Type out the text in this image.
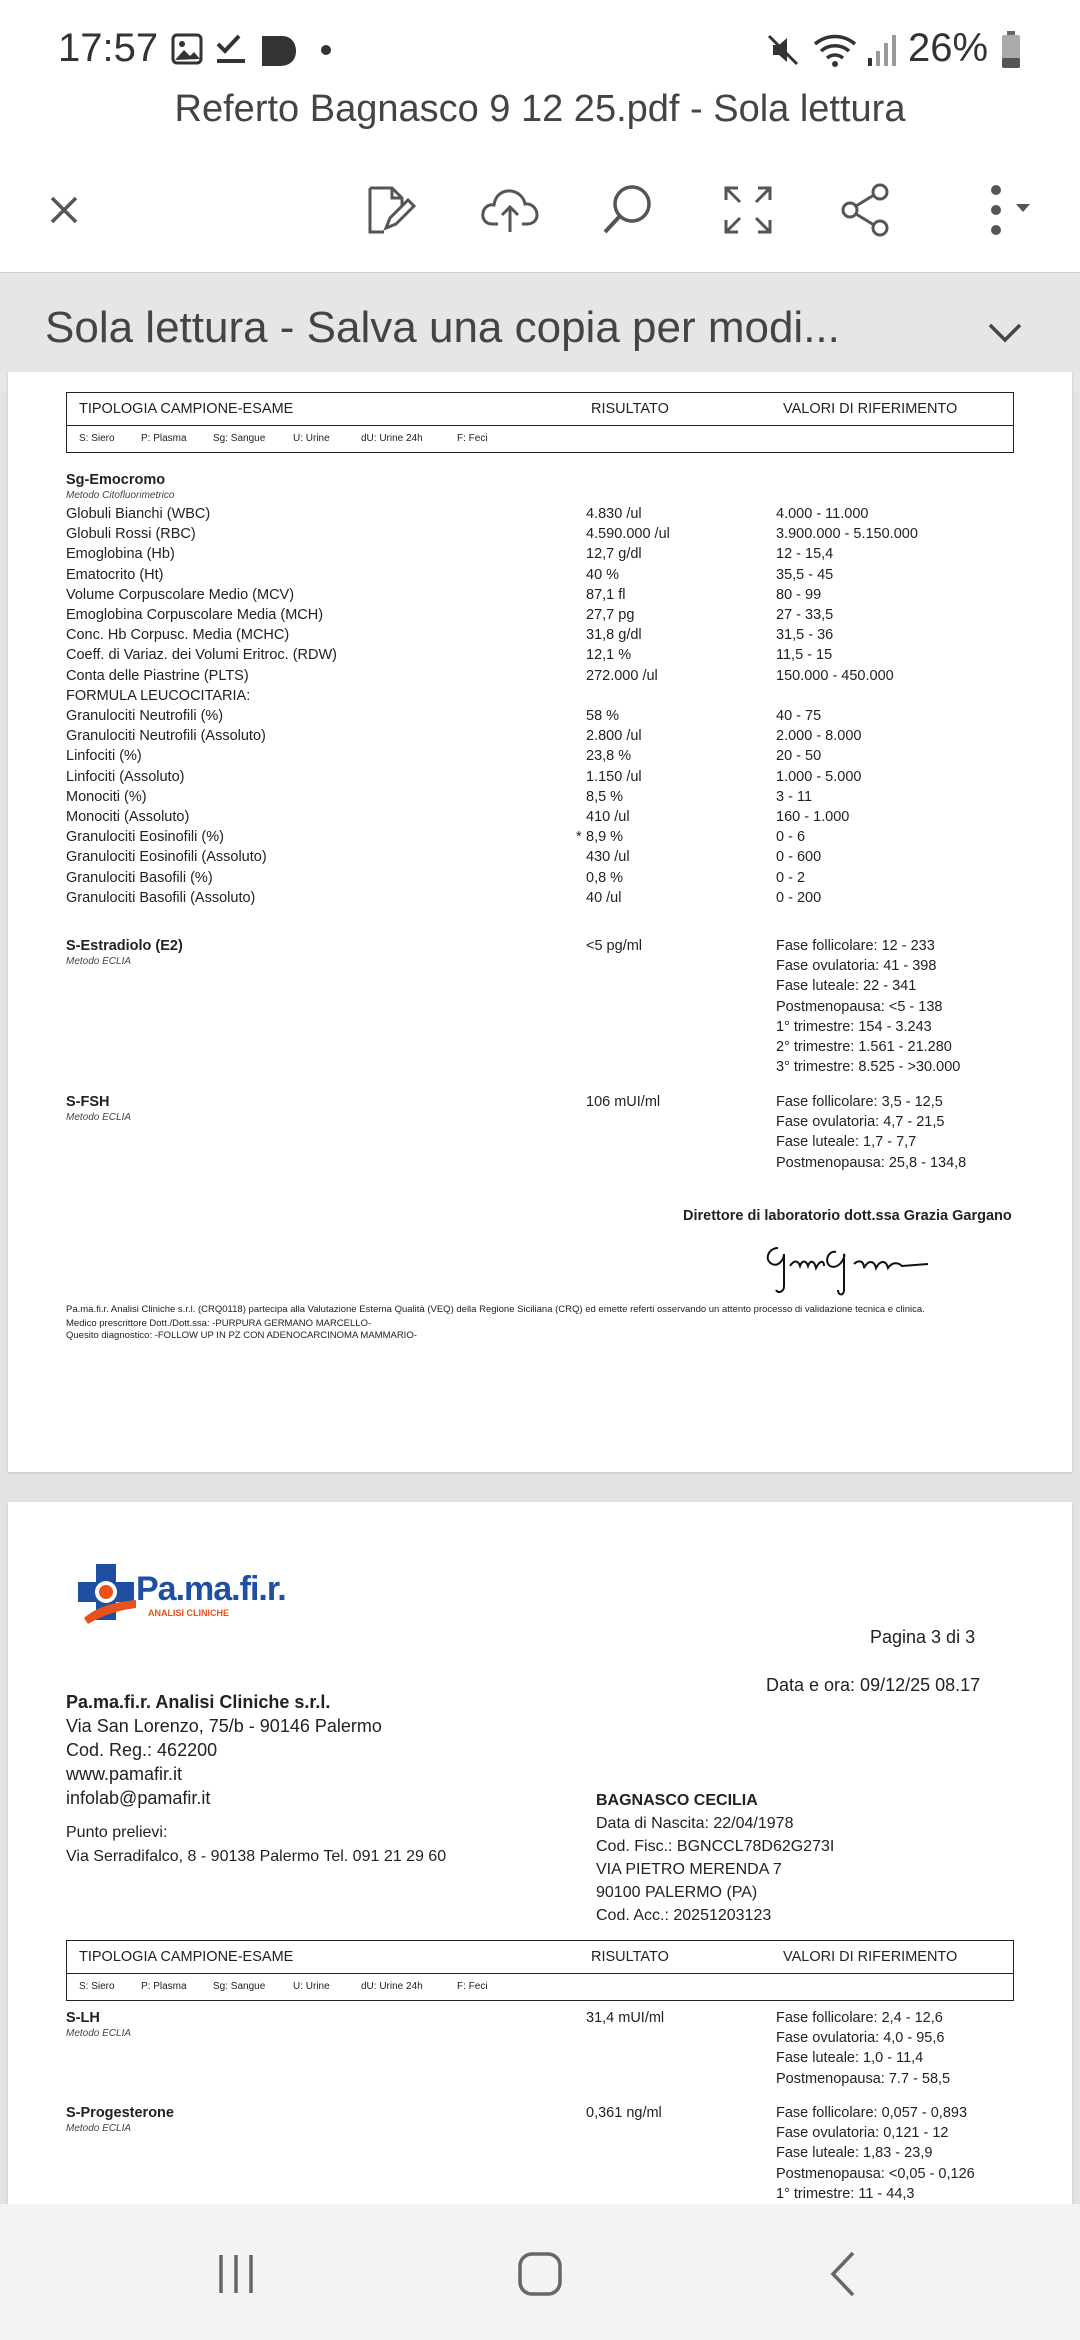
17:57	26%
Referto Bagnasco 9 12 25.pdf - Sola lettura
Sola lettura - Salva una copia per modi...
TIPOLOGIA CAMPIONE-ESAME	RISULTATO	VALORI DI RIFERIMENTO
S: Siero	P: Plasma	Sg: Sangue	U: Urine	dU: Urine 24h	F: Feci
Sg-Emocromo
Metodo Citofluorimetrico
Globuli Bianchi (WBC)	4.830 /ul	4.000 - 11.000
Globuli Rossi (RBC)	4.590.000 /ul	3.900.000 - 5.150.000
Emoglobina (Hb)	12,7 g/dl	12 - 15,4
Ematocrito (Ht)	40 %	35,5 - 45
Volume Corpuscolare Medio (MCV)	87,1 fl	80 - 99
Emoglobina Corpuscolare Media (MCH)	27,7 pg	27 - 33,5
Conc. Hb Corpusc. Media (MCHC)	31,8 g/dl	31,5 - 36
Coeff. di Variaz. dei Volumi Eritroc. (RDW)	12,1 %	11,5 - 15
Conta delle Piastrine (PLTS)	272.000 /ul	150.000 - 450.000
FORMULA LEUCOCITARIA:
Granulociti Neutrofili (%)	58 %	40 - 75
Granulociti Neutrofili (Assoluto)	2.800 /ul	2.000 - 8.000
Linfociti (%)	23,8 %	20 - 50
Linfociti (Assoluto)	1.150 /ul	1.000 - 5.000
Monociti (%)	8,5 %	3 - 11
Monociti (Assoluto)	410 /ul	160 - 1.000
Granulociti Eosinofili (%)	* 8,9 %	0 - 6
Granulociti Eosinofili (Assoluto)	430 /ul	0 - 600
Granulociti Basofili (%)	0,8 %	0 - 2
Granulociti Basofili (Assoluto)	40 /ul	0 - 200
S-Estradiolo (E2)
Metodo ECLIA
<5 pg/ml	Fase follicolare: 12 - 233
Fase ovulatoria: 41 - 398
Fase luteale: 22 - 341
Postmenopausa: <5 - 138
1° trimestre: 154 - 3.243
2° trimestre: 1.561 - 21.280
3° trimestre: 8.525 - >30.000
S-FSH
Metodo ECLIA
106 mUI/ml	Fase follicolare: 3,5 - 12,5
Fase ovulatoria: 4,7 - 21,5
Fase luteale: 1,7 - 7,7
Postmenopausa: 25,8 - 134,8
Direttore di laboratorio dott.ssa Grazia Gargano
Pa.ma.fi.r. Analisi Cliniche s.r.l. (CRQ0118) partecipa alla Valutazione Esterna Qualità (VEQ) della Regione Siciliana (CRQ) ed emette referti osservando un attento processo di validazione tecnica e clinica.
Medico prescrittore Dott./Dott.ssa: -PURPURA GERMANO MARCELLO-
Quesito diagnostico: -FOLLOW UP IN PZ CON ADENOCARCINOMA MAMMARIO-
Pa.ma.fi.r.
ANALISI CLINICHE
Pagina 3 di 3
Data e ora: 09/12/25 08.17
Pa.ma.fi.r. Analisi Cliniche s.r.l.
Via San Lorenzo, 75/b - 90146 Palermo
Cod. Reg.: 462200
www.pamafir.it
infolab@pamafir.it
Punto prelievi:
Via Serradifalco, 8 - 90138 Palermo Tel. 091 21 29 60
BAGNASCO CECILIA
Data di Nascita: 22/04/1978
Cod. Fisc.: BGNCCL78D62G273I
VIA PIETRO MERENDA 7
90100 PALERMO (PA)
Cod. Acc.: 20251203123
TIPOLOGIA CAMPIONE-ESAME	RISULTATO	VALORI DI RIFERIMENTO
S: Siero	P: Plasma	Sg: Sangue	U: Urine	dU: Urine 24h	F: Feci
S-LH
Metodo ECLIA
31,4 mUI/ml	Fase follicolare: 2,4 - 12,6
Fase ovulatoria: 4,0 - 95,6
Fase luteale: 1,0 - 11,4
Postmenopausa: 7.7 - 58,5
S-Progesterone
Metodo ECLIA
0,361 ng/ml	Fase follicolare: 0,057 - 0,893
Fase ovulatoria: 0,121 - 12
Fase luteale: 1,83 - 23,9
Postmenopausa: <0,05 - 0,126
1° trimestre: 11 - 44,3
